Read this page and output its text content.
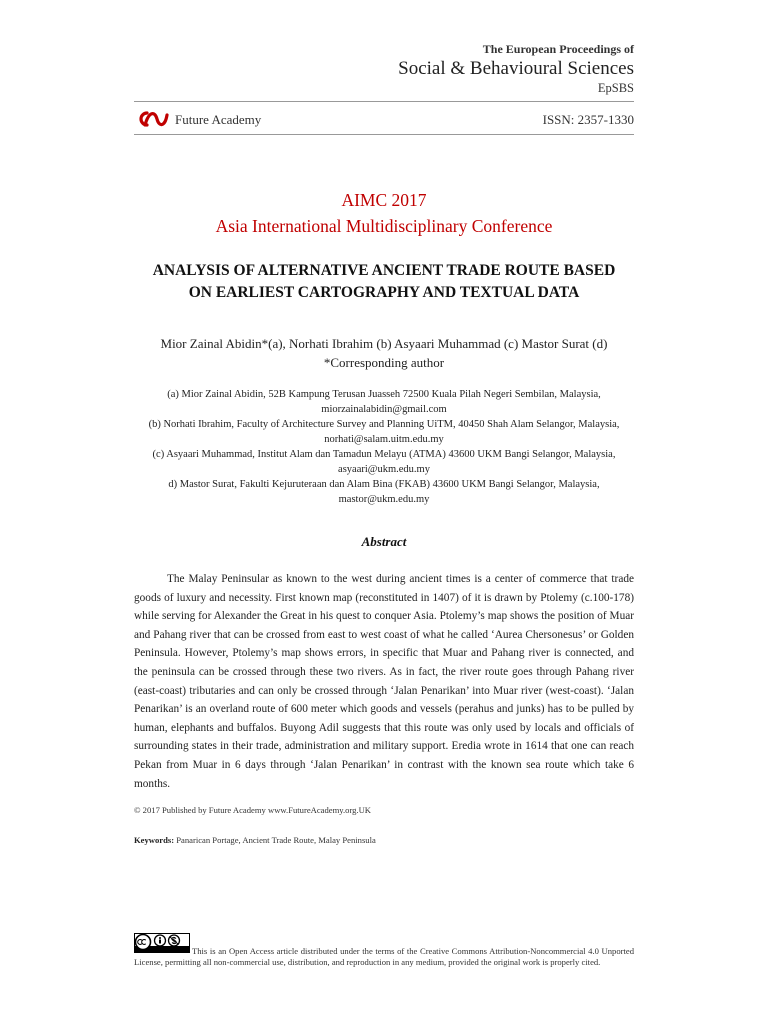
The European Proceedings of
Social & Behavioural Sciences
EpSBS
Future Academy	ISSN: 2357-1330
AIMC 2017
Asia International Multidisciplinary Conference
ANALYSIS OF ALTERNATIVE ANCIENT TRADE ROUTE BASED
ON EARLIEST CARTOGRAPHY AND TEXTUAL DATA
Mior Zainal Abidin*(a), Norhati Ibrahim (b) Asyaari Muhammad (c) Mastor Surat (d)
*Corresponding author
(a) Mior Zainal Abidin, 52B Kampung Terusan Juasseh 72500 Kuala Pilah Negeri Sembilan, Malaysia,
miorzainalabidin@gmail.com
(b) Norhati Ibrahim, Faculty of Architecture Survey and Planning UiTM, 40450 Shah Alam Selangor, Malaysia,
norhati@salam.uitm.edu.my
(c) Asyaari Muhammad, Institut Alam dan Tamadun Melayu (ATMA) 43600 UKM Bangi Selangor, Malaysia,
asyaari@ukm.edu.my
d) Mastor Surat, Fakulti Kejuruteraan dan Alam Bina (FKAB) 43600 UKM Bangi Selangor, Malaysia,
mastor@ukm.edu.my
Abstract
The Malay Peninsular as known to the west during ancient times is a center of commerce that trade goods of luxury and necessity. First known map (reconstituted in 1407) of it is drawn by Ptolemy (c.100-178) while serving for Alexander the Great in his quest to conquer Asia. Ptolemy’s map shows the position of Muar and Pahang river that can be crossed from east to west coast of what he called ‘Aurea Chersonesus’ or Golden Peninsula. However, Ptolemy’s map shows errors, in specific that Muar and Pahang river is connected, and the peninsula can be crossed through these two rivers. As in fact, the river route goes through Pahang river (east-coast) tributaries and can only be crossed through ‘Jalan Penarikan’ into Muar river (west-coast). ‘Jalan Penarikan’ is an overland route of 600 meter which goods and vessels (perahus and junks) has to be pulled by human, elephants and buffalos. Buyong Adil suggests that this route was only used by locals and officials of surrounding states in their trade, administration and military support. Eredia wrote in 1614 that one can reach Pekan from Muar in 6 days through ‘Jalan Penarikan’ in contrast with the known sea route which take 6 months.
© 2017 Published by Future Academy www.FutureAcademy.org.UK
Keywords: Panarican Portage, Ancient Trade Route, Malay Peninsula
This is an Open Access article distributed under the terms of the Creative Commons Attribution-Noncommercial 4.0 Unported License, permitting all non-commercial use, distribution, and reproduction in any medium, provided the original work is properly cited.
